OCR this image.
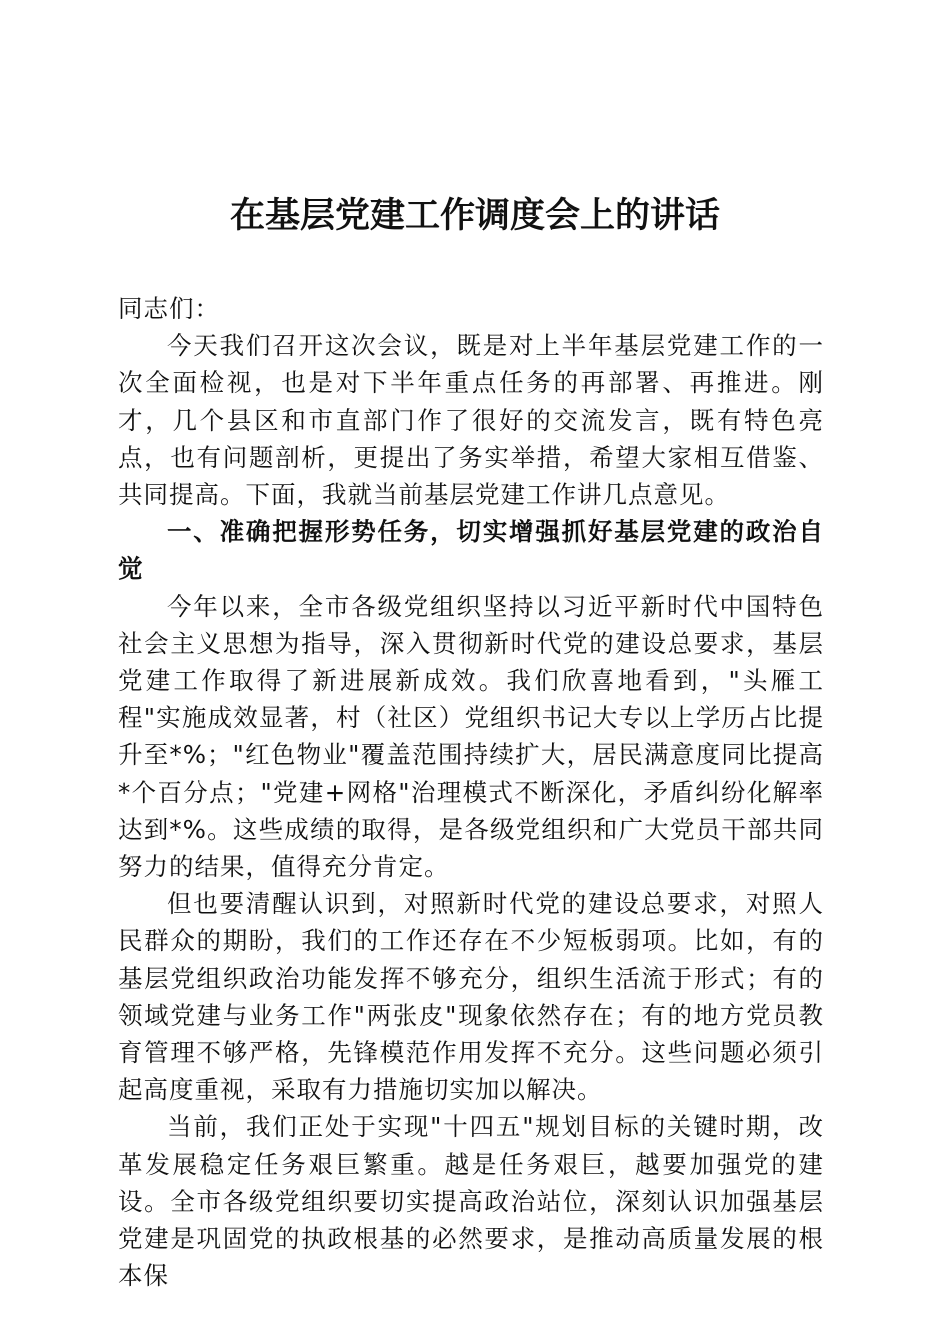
在基层党建工作调度会上的讲话

同志们：

今天我们召开这次会议，既是对上半年基层党建工作的一次全面检视，也是对下半年重点任务的再部署、再推进。刚才，几个县区和市直部门作了很好的交流发言，既有特色亮点，也有问题剖析，更提出了务实举措，希望大家相互借鉴、共同提高。下面，我就当前基层党建工作讲几点意见。

一、准确把握形势任务，切实增强抓好基层党建的政治自觉

今年以来，全市各级党组织坚持以习近平新时代中国特色社会主义思想为指导，深入贯彻新时代党的建设总要求，基层党建工作取得了新进展新成效。我们欣喜地看到，"头雁工程"实施成效显著，村（社区）党组织书记大专以上学历占比提升至*%；"红色物业"覆盖范围持续扩大，居民满意度同比提高*个百分点；"党建+网格"治理模式不断深化，矛盾纠纷化解率达到*%。这些成绩的取得，是各级党组织和广大党员干部共同努力的结果，值得充分肯定。

但也要清醒认识到，对照新时代党的建设总要求，对照人民群众的期盼，我们的工作还存在不少短板弱项。比如，有的基层党组织政治功能发挥不够充分，组织生活流于形式；有的领域党建与业务工作"两张皮"现象依然存在；有的地方党员教育管理不够严格，先锋模范作用发挥不充分。这些问题必须引起高度重视，采取有力措施切实加以解决。

当前，我们正处于实现"十四五"规划目标的关键时期，改革发展稳定任务艰巨繁重。越是任务艰巨，越要加强党的建设。全市各级党组织要切实提高政治站位，深刻认识加强基层党建是巩固党的执政根基的必然要求，是推动高质量发展的根本保
